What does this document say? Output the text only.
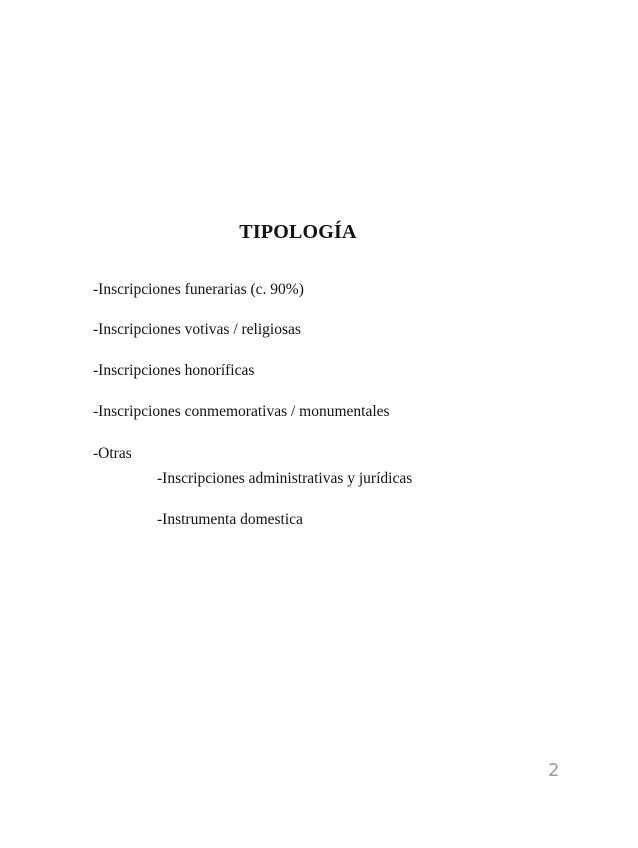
TIPOLOGÍA
-Inscripciones funerarias (c. 90%)
-Inscripciones votivas / religiosas
-Inscripciones honoríficas
-Inscripciones conmemorativas / monumentales
-Otras
-Inscripciones administrativas y jurídicas
-Instrumenta domestica
2
